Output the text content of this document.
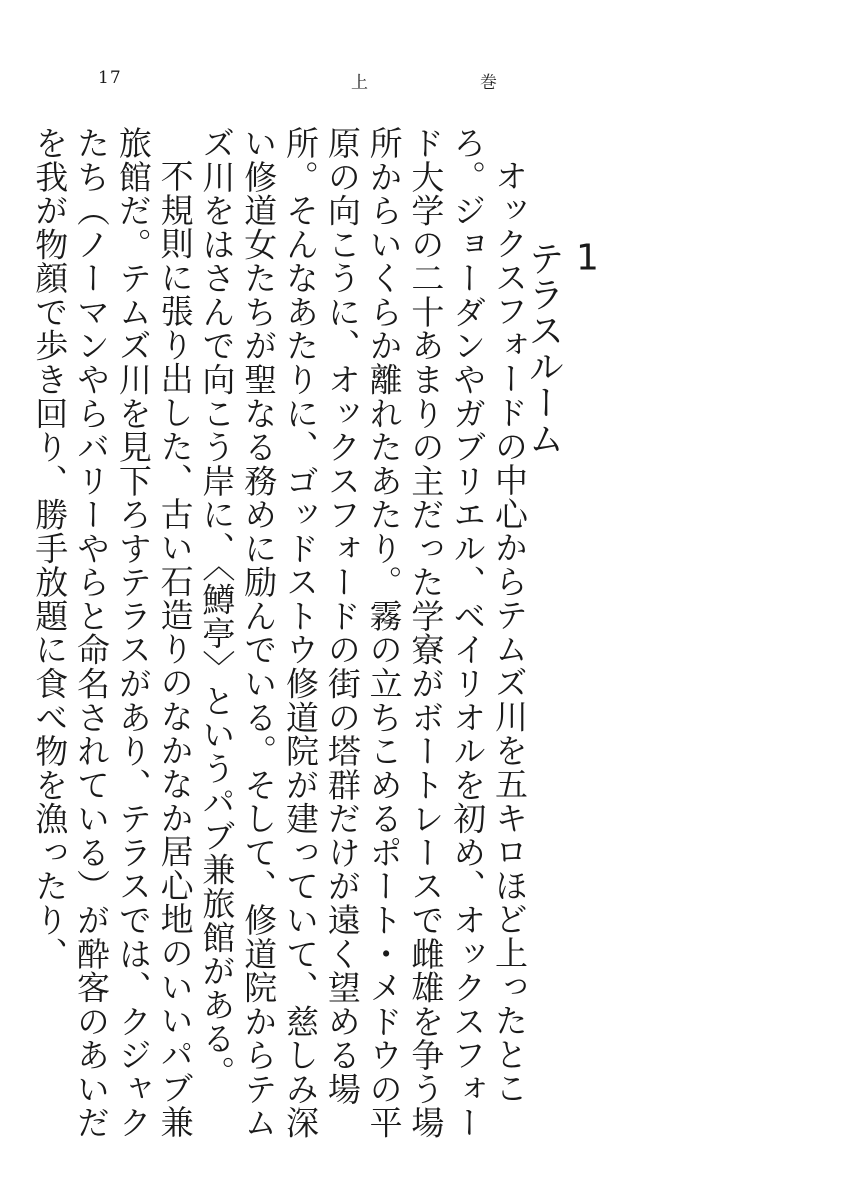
17	上	巻
1
テラスルーム

オックスフォードの中心からテムズ川を五キロほど上ったところ。ジョーダンやガブリエル、ベイリオルを初め、オックスフォード大学の二十あまりの主だった学寮がボートレースで雌雄を争う場所からいくらか離れたあたり。霧の立ちこめるポート・メドウの平原の向こうに、オックスフォードの街の塔群だけが遠く望める場所。そんなあたりに、ゴッドストウ修道院が建っていて、慈しみ深い修道女たちが聖なる務めに励んでいる。そして、修道院からテムズ川をはさんで向こう岸に、〈鱒亭〉というパブ兼旅館がある。

不規則に張り出した、古い石造りのなかなか居心地のいいパブ兼旅館だ。テムズ川を見下ろすテラスがあり、テラスでは、クジャクたち（ノーマンやらバリーやらと命名されている）が酔客のあいだを我が物顔で歩き回り、勝手放題に食べ物を漁ったり、
